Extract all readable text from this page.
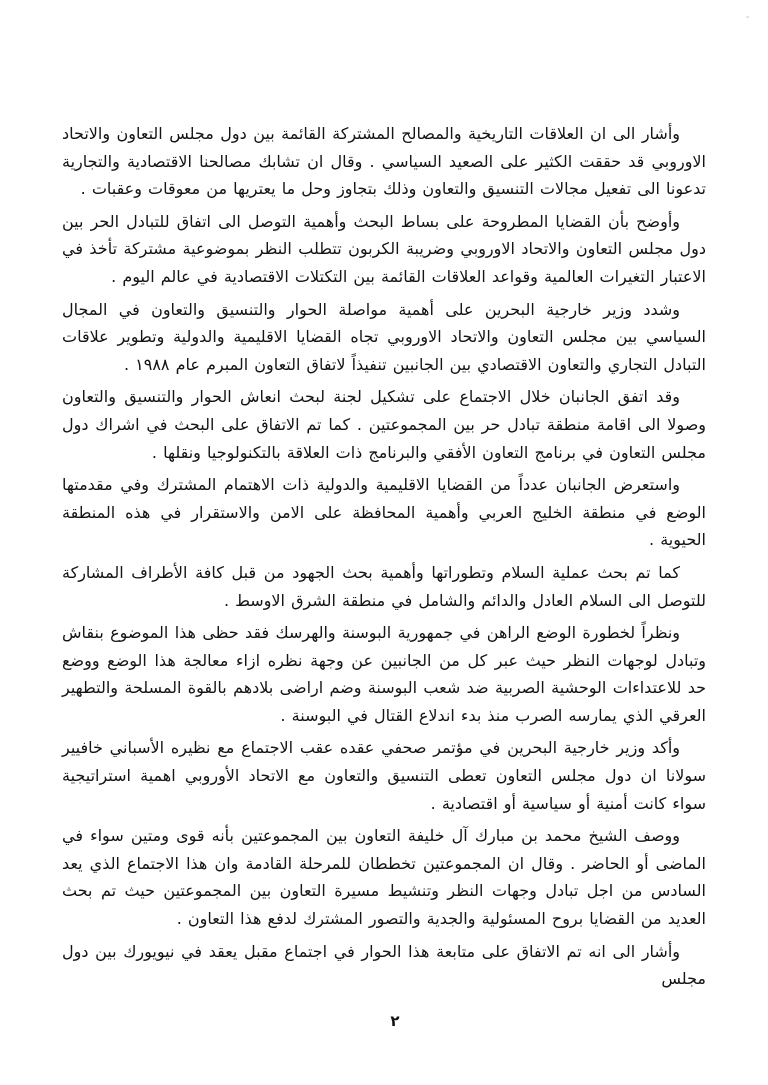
-

وأشار الى ان العلاقات التاريخية والمصالح المشتركة القائمة بين دول مجلس التعاون والاتحاد الاوروبي قد حققت الكثير على الصعيد السياسي . وقال ان تشابك مصالحنا الاقتصادية والتجارية تدعونا الى تفعيل مجالات التنسيق والتعاون وذلك بتجاوز وحل ما يعتريها من معوقات وعقبات .

وأوضح بأن القضايا المطروحة على بساط البحث وأهمية التوصل الى اتفاق للتبادل الحر بين دول مجلس التعاون والاتحاد الاوروبي وضريبة الكربون تتطلب النظر بموضوعية مشتركة تأخذ في الاعتبار التغيرات العالمية وقواعد العلاقات القائمة بين التكتلات الاقتصادية في عالم اليوم .

وشدد وزير خارجية البحرين على أهمية مواصلة الحوار والتنسيق والتعاون في المجال السياسي بين مجلس التعاون والاتحاد الاوروبي تجاه القضايا الاقليمية والدولية وتطوير علاقات التبادل التجاري والتعاون الاقتصادي بين الجانبين تنفيذاً لاتفاق التعاون المبرم عام ١٩٨٨ .

وقد اتفق الجانبان خلال الاجتماع على تشكيل لجنة لبحث انعاش الحوار والتنسيق والتعاون وصولا الى اقامة منطقة تبادل حر بين المجموعتين . كما تم الاتفاق على البحث في اشراك دول مجلس التعاون في برنامج التعاون الأفقي والبرنامج ذات العلاقة بالتكنولوجيا ونقلها .

واستعرض الجانبان عدداً من القضايا الاقليمية والدولية ذات الاهتمام المشترك وفي مقدمتها الوضع في منطقة الخليج العربي وأهمية المحافظة على الامن والاستقرار في هذه المنطقة الحيوية .

كما تم بحث عملية السلام وتطوراتها وأهمية بحث الجهود من قبل كافة الأطراف المشاركة للتوصل الى السلام العادل والدائم والشامل في منطقة الشرق الاوسط .

ونظراً لخطورة الوضع الراهن في جمهورية البوسنة والهرسك فقد حظى هذا الموضوع بنقاش وتبادل لوجهات النظر حيث عبر كل من الجانبين عن وجهة نظره ازاء معالجة هذا الوضع ووضع حد للاعتداءات الوحشية الصربية ضد شعب البوسنة وضم اراضى بلادهم بالقوة المسلحة والتطهير العرقي الذي يمارسه الصرب منذ بدء اندلاع القتال في البوسنة .

وأكد وزير خارجية البحرين في مؤتمر صحفي عقده عقب الاجتماع مع نظيره الأسباني خافيير سولانا ان دول مجلس التعاون تعطى التنسيق والتعاون مع الاتحاد الأوروبي اهمية استراتيجية سواء كانت أمنية أو سياسية أو اقتصادية .

ووصف الشيخ محمد بن مبارك آل خليفة التعاون بين المجموعتين بأنه قوى ومتين سواء في الماضى أو الحاضر . وقال ان المجموعتين تخططان للمرحلة القادمة وان هذا الاجتماع الذي يعد السادس من اجل تبادل وجهات النظر وتنشيط مسيرة التعاون بين المجموعتين حيث تم بحث العديد من القضايا بروح المسئولية والجدية والتصور المشترك لدفع هذا التعاون .

وأشار الى انه تم الاتفاق على متابعة هذا الحوار في اجتماع مقبل يعقد في نيويورك بين دول مجلس

٢
